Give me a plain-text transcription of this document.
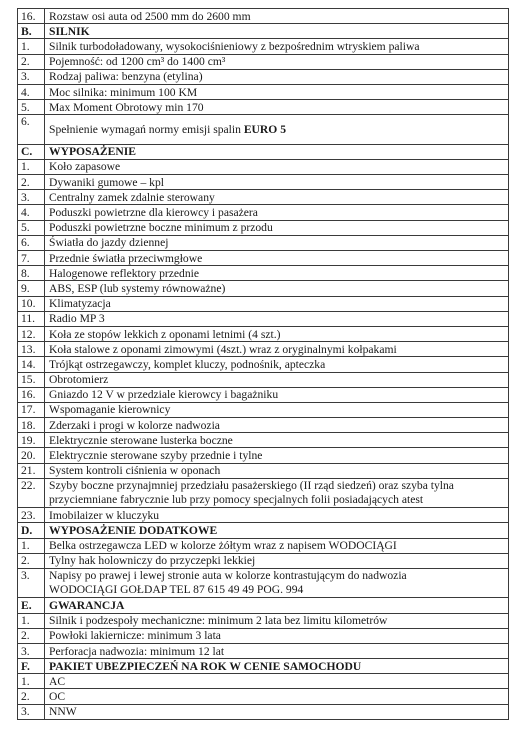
16.	Rozstaw osi auta od 2500 mm do 2600 mm
B.	SILNIK
1.	Silnik turbodoładowany, wysokociśnieniowy z bezpośrednim wtryskiem paliwa
2.	Pojemność: od 1200 cm³ do 1400 cm³
3.	Rodzaj paliwa: benzyna (etylina)
4.	Moc silnika: minimum 100 KM
5.	Max Moment Obrotowy min 170
6.	Spełnienie wymagań normy emisji spalin EURO 5
C.	WYPOSAŻENIE
1.	Koło zapasowe
2.	Dywaniki gumowe – kpl
3.	Centralny zamek zdalnie sterowany
4.	Poduszki powietrzne dla kierowcy i pasażera
5.	Poduszki powietrzne boczne minimum z przodu
6.	Światła do jazdy dziennej
7.	Przednie światła przeciwmgłowe
8.	Halogenowe reflektory przednie
9.	ABS, ESP (lub systemy równoważne)
10.	Klimatyzacja
11.	Radio MP 3
12.	Koła ze stopów lekkich z oponami letnimi (4 szt.)
13.	Koła stalowe z oponami zimowymi (4szt.) wraz z oryginalnymi kołpakami
14.	Trójkąt ostrzegawczy, komplet kluczy, podnośnik, apteczka
15.	Obrotomierz
16.	Gniazdo 12 V w przedziale kierowcy i bagażniku
17.	Wspomaganie kierownicy
18.	Zderzaki i progi w kolorze nadwozia
19.	Elektrycznie sterowane lusterka boczne
20.	Elektrycznie sterowane szyby przednie i tylne
21.	System kontroli ciśnienia w oponach
22.	Szyby boczne przynajmniej przedziału pasażerskiego (II rząd siedzeń) oraz szyba tylna
przyciemniane fabrycznie lub przy pomocy specjalnych folii posiadających atest

23.	Imobilaizer w kluczyku
D.	WYPOSAŻENIE DODATKOWE
1.	Belka ostrzegawcza LED w kolorze żółtym wraz z napisem WODOCIĄGI
2.	Tylny hak holowniczy do przyczepki lekkiej
3.	Napisy po prawej i lewej stronie auta w kolorze kontrastującym do nadwozia
WODOCIĄGI GOŁDAP TEL 87 615 49 49 POG. 994

E.	GWARANCJA
1.	Silnik i podzespoły mechaniczne: minimum 2 lata bez limitu kilometrów
2.	Powłoki lakiernicze: minimum 3 lata
3.	Perforacja nadwozia: minimum 12 lat
F.	PAKIET UBEZPIECZEŃ NA ROK W CENIE SAMOCHODU
1.	AC
2.	OC
3.	NNW
